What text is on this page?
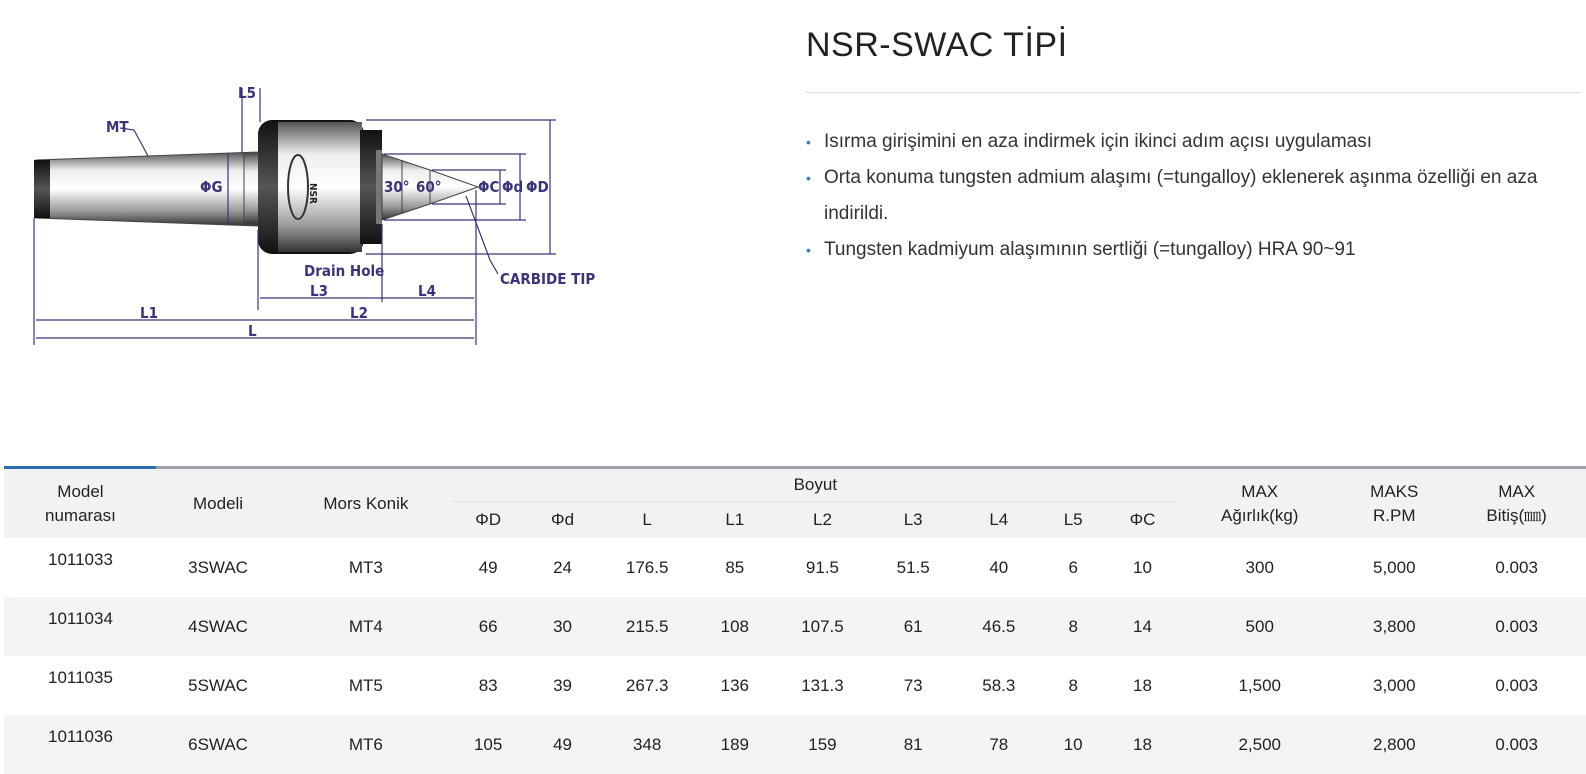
NSR
MT
L5
ΦG	30° 60° ΦC Φd ΦD
Drain Hole	CARBIDE TIP
L3	L4
L1	L2
L
NSR-SWAC TİPİ
• Isırma girişimini en aza indirmek için ikinci adım açısı uygulaması
• Orta konuma tungsten admium alaşımı (=tungalloy) eklenerek aşınma özelliği en aza indirildi.
• Tungsten kadmiyum alaşımının sertliği (=tungalloy) HRA 90~91
Model numarası	Modeli	Mors Konik	Boyut									MAX Ağırlık(kg)	MAKS R.PM	MAX Bitiş(㎜)
			ΦD	Φd	L	L1	L2	L3	L4	L5	ΦC			
1011033	3SWAC	MT3	49	24	176.5	85	91.5	51.5	40	6	10	300	5,000	0.003
1011034	4SWAC	MT4	66	30	215.5	108	107.5	61	46.5	8	14	500	3,800	0.003
1011035	5SWAC	MT5	83	39	267.3	136	131.3	73	58.3	8	18	1,500	3,000	0.003
1011036	6SWAC	MT6	105	49	348	189	159	81	78	10	18	2,500	2,800	0.003
